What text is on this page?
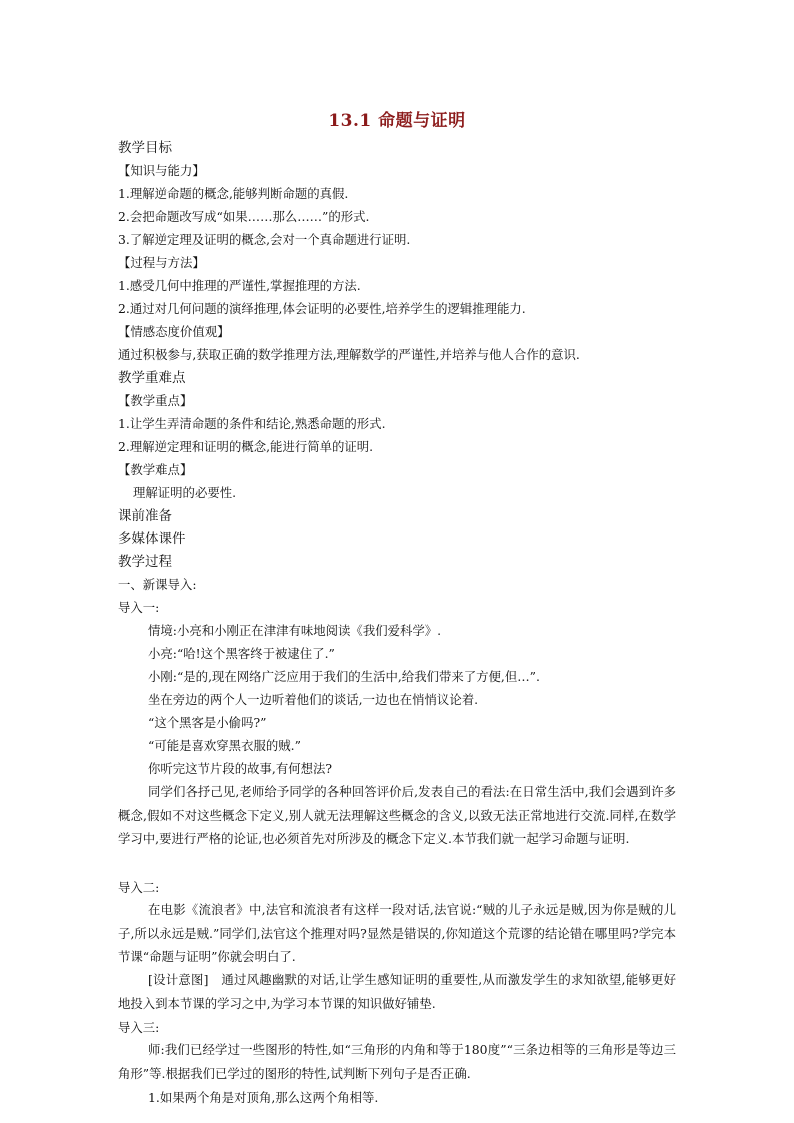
13.1 命题与证明
教学目标
【知识与能力】
1.理解逆命题的概念,能够判断命题的真假.
2.会把命题改写成“如果……那么……”的形式.
3.了解逆定理及证明的概念,会对一个真命题进行证明.
【过程与方法】
1.感受几何中推理的严谨性,掌握推理的方法.
2.通过对几何问题的演绎推理,体会证明的必要性,培养学生的逻辑推理能力.
【情感态度价值观】
通过积极参与,获取正确的数学推理方法,理解数学的严谨性,并培养与他人合作的意识.
教学重难点
【教学重点】
1.让学生弄清命题的条件和结论,熟悉命题的形式.
2.理解逆定理和证明的概念,能进行简单的证明.
【教学难点】
理解证明的必要性.
课前准备
多媒体课件
教学过程
一、新课导入:
导入一:
情境:小亮和小刚正在津津有味地阅读《我们爱科学》.
小亮:“哈!这个黑客终于被逮住了.”
小刚:“是的,现在网络广泛应用于我们的生活中,给我们带来了方便,但…”.
坐在旁边的两个人一边听着他们的谈话,一边也在悄悄议论着.
“这个黑客是小偷吗?”
“可能是喜欢穿黑衣服的贼.”
你听完这节片段的故事,有何想法?
同学们各抒己见,老师给予同学的各种回答评价后,发表自己的看法:在日常生活中,我们会遇到许多概念,假如不对这些概念下定义,别人就无法理解这些概念的含义,以致无法正常地进行交流.同样,在数学学习中,要进行严格的论证,也必须首先对所涉及的概念下定义.本节我们就一起学习命题与证明.
导入二:
在电影《流浪者》中,法官和流浪者有这样一段对话,法官说:“贼的儿子永远是贼,因为你是贼的儿子,所以永远是贼.”同学们,法官这个推理对吗?显然是错误的,你知道这个荒谬的结论错在哪里吗?学完本节课“命题与证明”你就会明白了.
[设计意图]　通过风趣幽默的对话,让学生感知证明的重要性,从而激发学生的求知欲望,能够更好地投入到本节课的学习之中,为学习本节课的知识做好铺垫.
导入三:
师:我们已经学过一些图形的特性,如“三角形的内角和等于180度”“三条边相等的三角形是等边三角形”等.根据我们已学过的图形的特性,试判断下列句子是否正确.
1.如果两个角是对顶角,那么这两个角相等.
